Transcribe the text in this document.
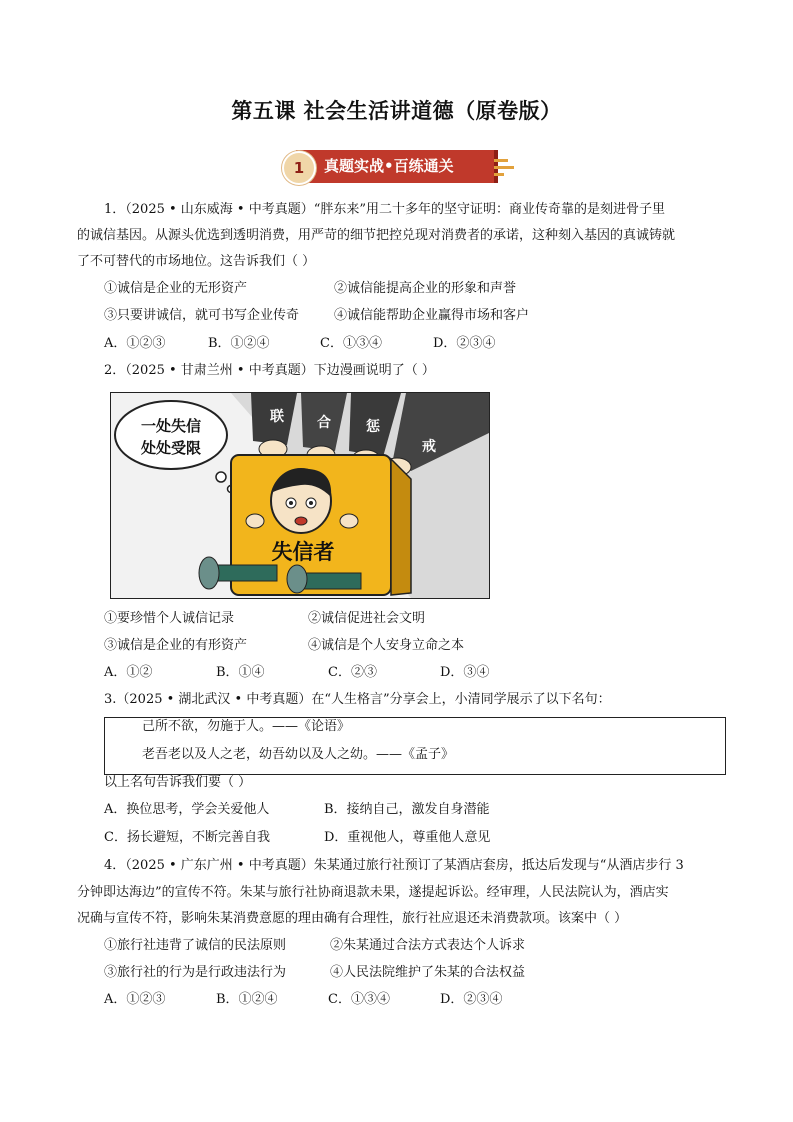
第五课 社会生活讲道德（原卷版）
1	真题实战•百练通关
1．（2025 • 山东威海 • 中考真题）“胖东来”用二十多年的坚守证明：商业传奇靠的是刻进骨子里
的诚信基因。从源头优选到透明消费，用严苛的细节把控兑现对消费者的承诺，这种刻入基因的真诚铸就
了不可替代的市场地位。这告诉我们（ ）
①诚信是企业的无形资产	②诚信能提高企业的形象和声誉
③只要讲诚信，就可书写企业传奇	④诚信能帮助企业赢得市场和客户
A．①②③	B．①②④	C．①③④	D．②③④
2．（2025 • 甘肃兰州 • 中考真题）下边漫画说明了（ ）
一处失信
处处受限
联 合	惩
戒
失信者
①要珍惜个人诚信记录	②诚信促进社会文明
③诚信是企业的有形资产	④诚信是个人安身立命之本
A．①②	B．①④	C．②③	D．③④
3.（2025 • 湖北武汉 • 中考真题）在“人生格言”分享会上，小清同学展示了以下名句：
己所不欲，勿施于人。——《论语》
老吾老以及人之老，幼吾幼以及人之幼。——《孟子》
以上名句告诉我们要（ ）
A．换位思考，学会关爱他人	B．接纳自己，激发自身潜能
C．扬长避短，不断完善自我	D．重视他人，尊重他人意见
4．（2025 • 广东广州 • 中考真题）朱某通过旅行社预订了某酒店套房，抵达后发现与“从酒店步行 3
分钟即达海边”的宣传不符。朱某与旅行社协商退款未果，遂提起诉讼。经审理，人民法院认为，酒店实
况确与宣传不符，影响朱某消费意愿的理由确有合理性，旅行社应退还未消费款项。该案中（ ）
①旅行社违背了诚信的民法原则	②朱某通过合法方式表达个人诉求
③旅行社的行为是行政违法行为	④人民法院维护了朱某的合法权益
A．①②③	B．①②④	C．①③④	D．②③④
